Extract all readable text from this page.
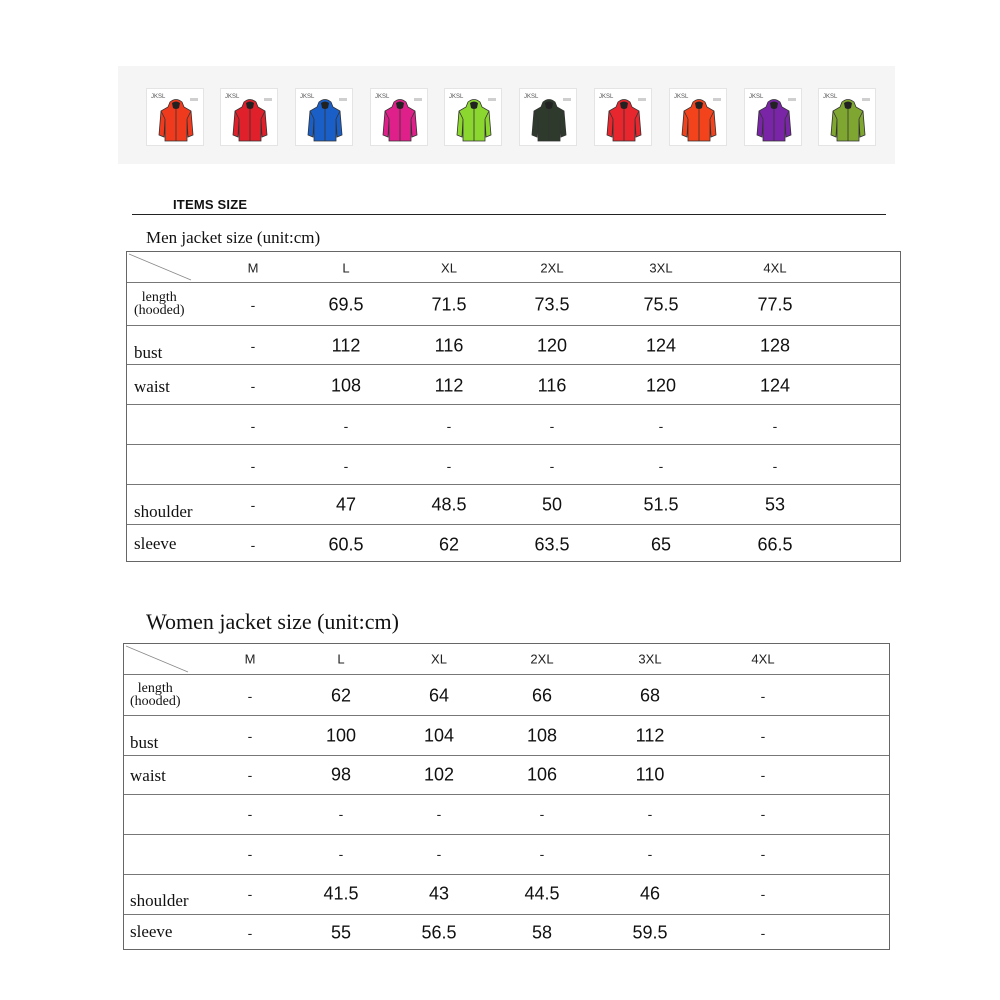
JKSL	JKSL	JKSL	JKSL	JKSL	JKSL	JKSL	JKSL	JKSL	JKSL
ITEMS SIZE
Men jacket size (unit:cm)
M	L	XL	2XL	3XL	4XL
length
(hooded)	-	69.5	71.5	73.5	75.5	77.5
bust	-	112	116	120	124	128
waist	-	108	112	116	120	124
-	-	-	-	-	-
-	-	-	-	-	-
shoulder	-	47	48.5	50	51.5	53
sleeve	-	60.5	62	63.5	65	66.5
Women jacket size (unit:cm)
M	L	XL	2XL	3XL	4XL
length
(hooded)	-	62	64	66	68	-
bust	-	100	104	108	112	-
waist	-	98	102	106	110	-
-	-	-	-	-	-
-	-	-	-	-	-
shoulder	-	41.5	43	44.5	46	-
sleeve	-	55	56.5	58	59.5	-
